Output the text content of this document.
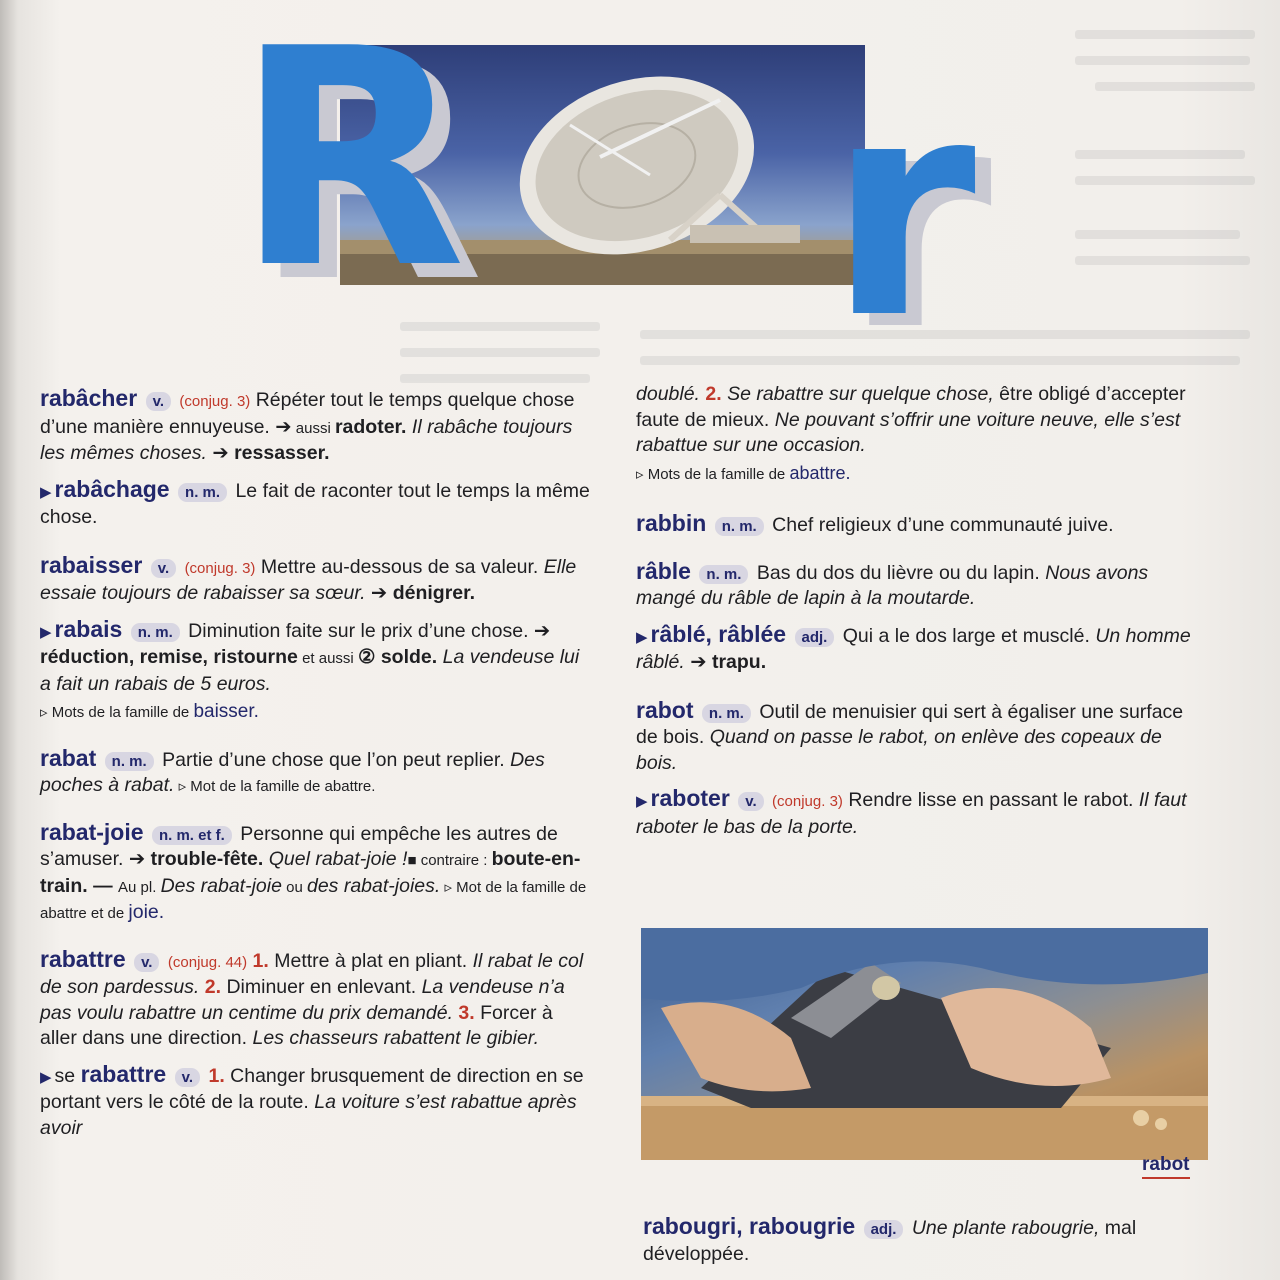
R r
rabâcher v. (conjug. 3) Répéter tout le temps quelque chose d’une manière ennuyeuse. ➔ aussi radoter. Il rabâche toujours les mêmes choses. ➔ ressasser.
▶ rabâchage n. m. Le fait de raconter tout le temps la même chose.
rabaisser v. (conjug. 3) Mettre au-dessous de sa valeur. Elle essaie toujours de rabaisser sa sœur. ➔ dénigrer.
▶ rabais n. m. Diminution faite sur le prix d’une chose. ➔ réduction, remise, ristourne et aussi ② solde. La vendeuse lui a fait un rabais de 5 euros.
▹ Mots de la famille de baisser.
rabat n. m. Partie d’une chose que l’on peut replier. Des poches à rabat. ▹ Mot de la famille de abattre.
rabat-joie n. m. et f. Personne qui empêche les autres de s’amuser. ➔ trouble-fête. Quel rabat-joie !■ contraire : boute-en-train. — Au pl. Des rabat-joie ou des rabat-joies. ▹ Mot de la famille de abattre et de joie.
rabattre v. (conjug. 44) 1. Mettre à plat en pliant. Il rabat le col de son pardessus. 2. Diminuer en enlevant. La vendeuse n’a pas voulu rabattre un centime du prix demandé. 3. Forcer à aller dans une direction. Les chasseurs rabattent le gibier.
▶ se rabattre v. 1. Changer brusquement de direction en se portant vers le côté de la route. La voiture s’est rabattue après avoir
doublé. 2. Se rabattre sur quelque chose, être obligé d’accepter faute de mieux. Ne pouvant s’offrir une voiture neuve, elle s’est rabattue sur une occasion.
▹ Mots de la famille de abattre.
rabbin n. m. Chef religieux d’une communauté juive.
râble n. m. Bas du dos du lièvre ou du lapin. Nous avons mangé du râble de lapin à la moutarde.
▶ râblé, râblée adj. Qui a le dos large et musclé. Un homme râblé. ➔ trapu.
rabot n. m. Outil de menuisier qui sert à égaliser une surface de bois. Quand on passe le rabot, on enlève des copeaux de bois.
▶ raboter v. (conjug. 3) Rendre lisse en passant le rabot. Il faut raboter le bas de la porte.
rabot
rabougri, rabougrie adj. Une plante rabougrie, mal développée.
